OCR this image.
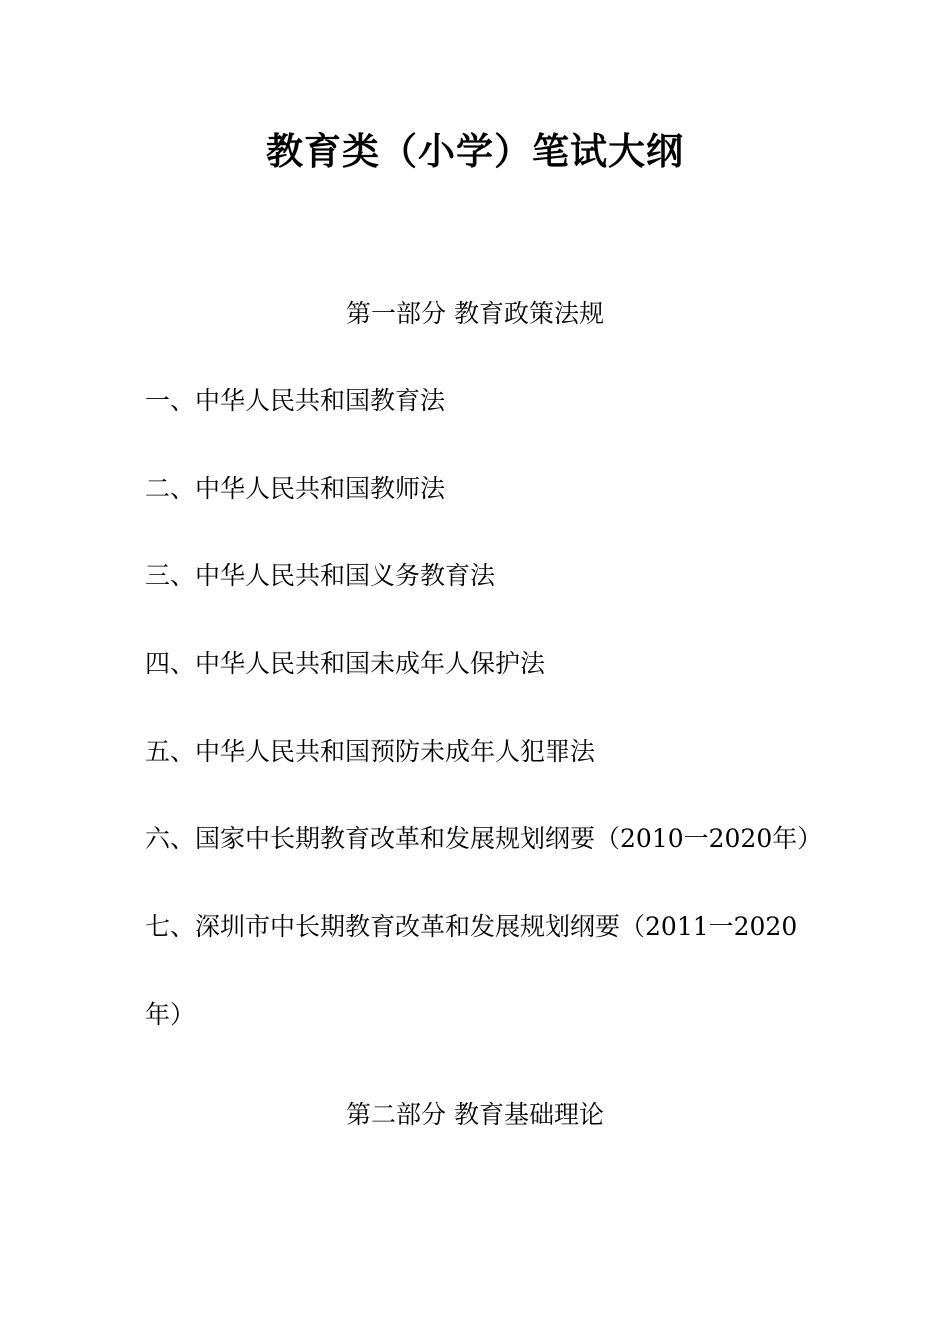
教育类（小学）笔试大纲
第一部分 教育政策法规
一、中华人民共和国教育法
二、中华人民共和国教师法
三、中华人民共和国义务教育法
四、中华人民共和国未成年人保护法
五、中华人民共和国预防未成年人犯罪法
六、国家中长期教育改革和发展规划纲要（2010一2020年）
七、深圳市中长期教育改革和发展规划纲要（2011一2020年）
第二部分 教育基础理论
